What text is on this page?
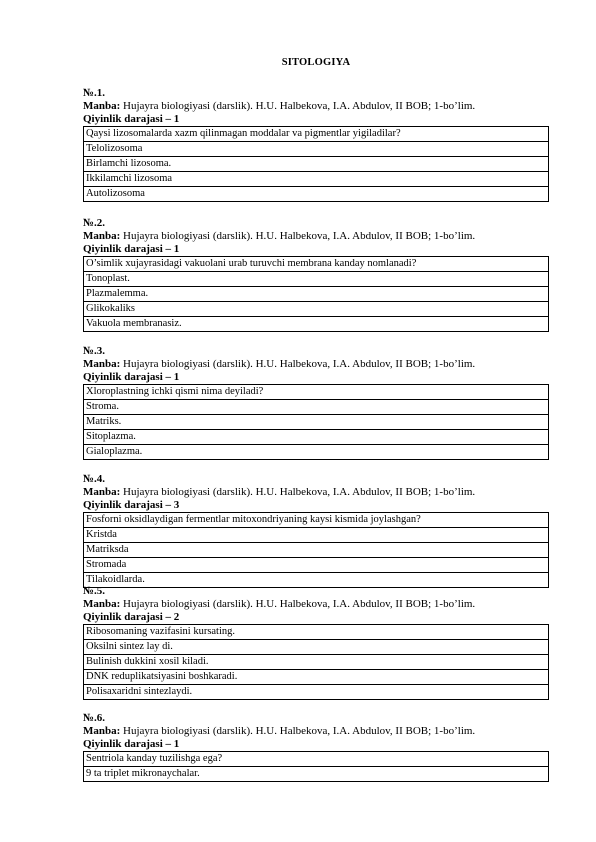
SITOLOGIYA
№.1.
Manba: Hujayra biologiyasi (darslik). H.U. Halbekova, I.A. Abdulov, II BOB; 1-bo’lim.
Qiyinlik darajasi – 1
Qaysi lizosomalarda xazm qilinmagan moddalar va pigmentlar yigiladilar?
Telolizosoma
Birlamchi lizosoma.
Ikkilamchi lizosoma
Autolizosoma
№.2.
Manba: Hujayra biologiyasi (darslik). H.U. Halbekova, I.A. Abdulov, II BOB; 1-bo’lim.
Qiyinlik darajasi – 1
O’simlik xujayrasidagi vakuolani urab turuvchi membrana kanday nomlanadi?
Tonoplast.
Plazmalemma.
Glikokaliks
Vakuola membranasiz.
№.3.
Manba: Hujayra biologiyasi (darslik). H.U. Halbekova, I.A. Abdulov, II BOB; 1-bo’lim.
Qiyinlik darajasi – 1
Xloroplastning ichki qismi nima deyiladi?
Stroma.
Matriks.
Sitoplazma.
Gialoplazma.
№.4.
Manba: Hujayra biologiyasi (darslik). H.U. Halbekova, I.A. Abdulov, II BOB; 1-bo’lim.
Qiyinlik darajasi – 3
Fosforni oksidlaydigan fermentlar mitoxondriyaning kaysi kismida joylashgan?
Kristda
Matriksda
Stromada
Tilakoidlarda.
№.5.
Manba: Hujayra biologiyasi (darslik). H.U. Halbekova, I.A. Abdulov, II BOB; 1-bo’lim.
Qiyinlik darajasi – 2
Ribosomaning vazifasini kursating.
Oksilni sintez lay di.
Bulinish dukkini xosil kiladi.
DNK reduplikatsiyasini boshkaradi.
Polisaxaridni sintezlaydi.
№.6.
Manba: Hujayra biologiyasi (darslik). H.U. Halbekova, I.A. Abdulov, II BOB; 1-bo’lim.
Qiyinlik darajasi – 1
Sentriola kanday tuzilishga ega?
9 ta triplet mikronaychalar.
